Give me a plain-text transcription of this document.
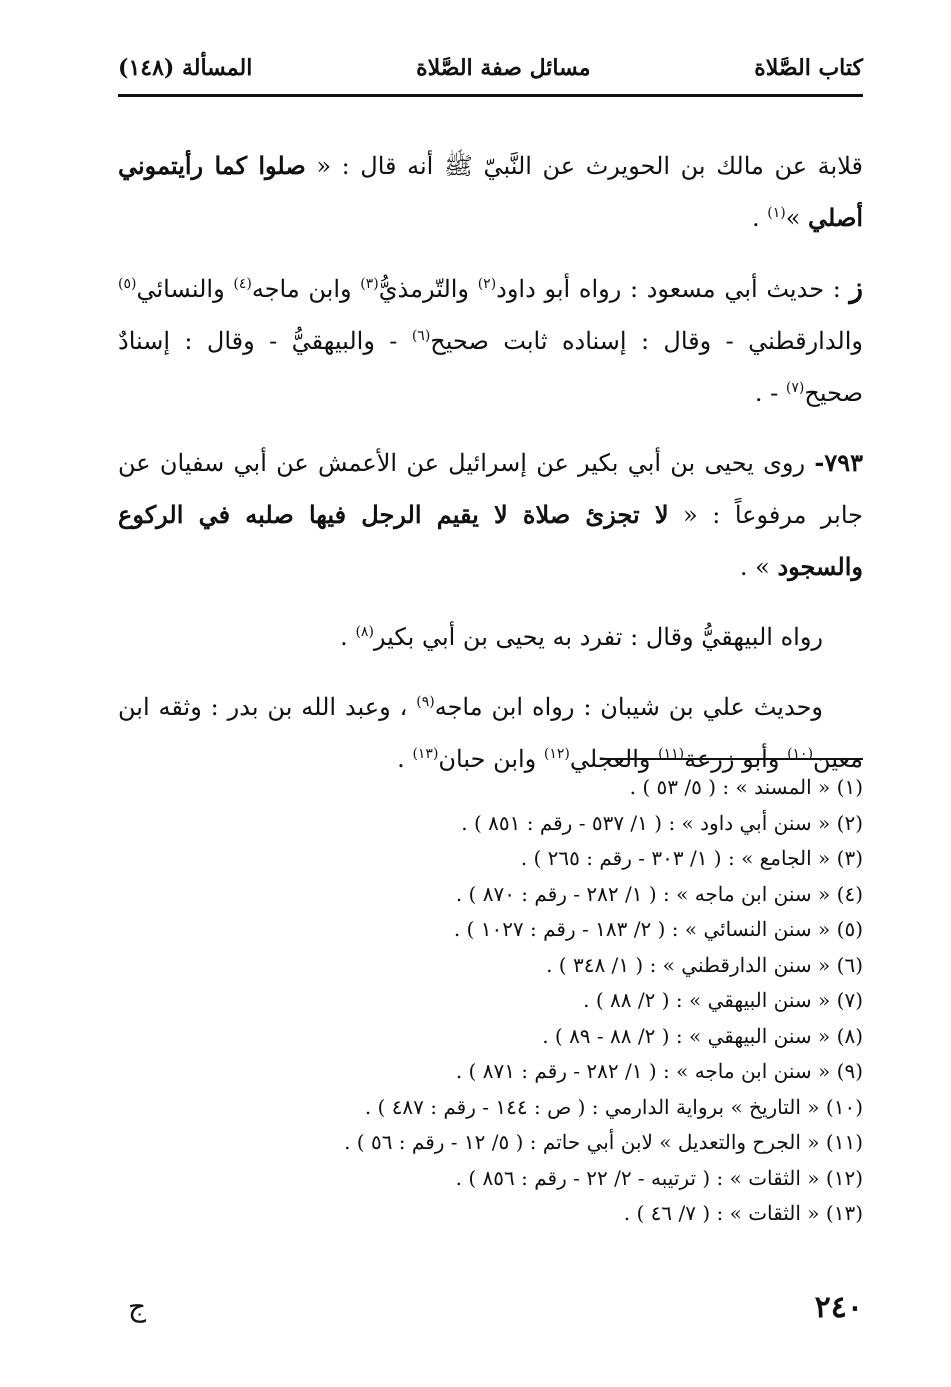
كتاب الصَّلاة
مسائل صفة الصَّلاة
المسألة (١٤٨)

قلابة عن مالك بن الحويرث عن النَّبيّ ﷺ أنه قال : « صلوا كما رأيتموني أصلي »$^{(١)}$ .

ز : حديث أبي مسعود : رواه أبو داود$^{(٢)}$ والتّرمذيُّ$^{(٣)}$ وابن ماجه$^{(٤)}$ والنسائي$^{(٥)}$ والدارقطني - وقال : إسناده ثابت صحيح$^{(٦)}$ - والبيهقيُّ - وقال : إسنادٌ صحيح$^{(٧)}$ - .

٧٩٣- روى يحيى بن أبي بكير عن إسرائيل عن الأعمش عن أبي سفيان عن جابر مرفوعاً : « لا تجزئ صلاة لا يقيم الرجل فيها صلبه في الركوع والسجود » .

رواه البيهقيُّ وقال : تفرد به يحيى بن أبي بكير$^{(٨)}$ .

وحديث علي بن شيبان : رواه ابن ماجه$^{(٩)}$ ، وعبد الله بن بدر : وثقه ابن معين$^{(١٠)}$ وأبو زرعة$^{(١١)}$ والعجلي$^{(١٢)}$ وابن حبان$^{(١٣)}$ .

(١) « المسند » : ( ٥/ ٥٣ ) .
(٢) « سنن أبي داود » : ( ١/ ٥٣٧ - رقم : ٨٥١ ) .
(٣) « الجامع » : ( ١/ ٣٠٣ - رقم : ٢٦٥ ) .
(٤) « سنن ابن ماجه » : ( ١/ ٢٨٢ - رقم : ٨٧٠ ) .
(٥) « سنن النسائي » : ( ٢/ ١٨٣ - رقم : ١٠٢٧ ) .
(٦) « سنن الدارقطني » : ( ١/ ٣٤٨ ) .
(٧) « سنن البيهقي » : ( ٢/ ٨٨ ) .
(٨) « سنن البيهقي » : ( ٢/ ٨٨ - ٨٩ ) .
(٩) « سنن ابن ماجه » : ( ١/ ٢٨٢ - رقم : ٨٧١ ) .
(١٠) « التاريخ » برواية الدارمي : ( ص : ١٤٤ - رقم : ٤٨٧ ) .
(١١) « الجرح والتعديل » لابن أبي حاتم : ( ٥/ ١٢ - رقم : ٥٦ ) .
(١٢) « الثقات » : ( ترتيبه - ٢/ ٢٢ - رقم : ٨٥٦ ) .
(١٣) « الثقات » : ( ٧/ ٤٦ ) .
٢٤٠
ج
